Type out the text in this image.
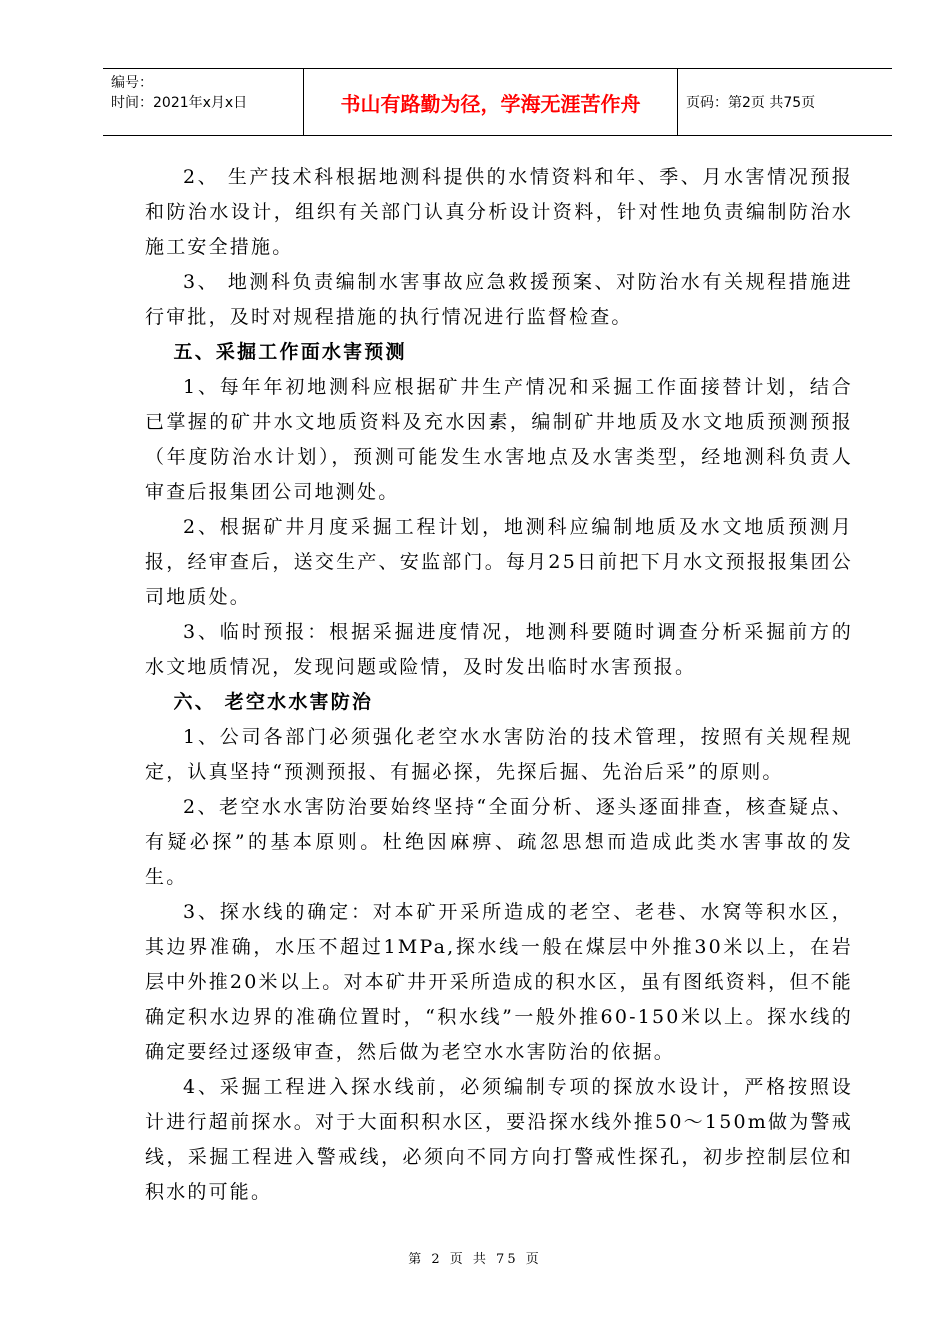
编号：
时间：2021年x月x日	书山有路勤为径，学海无涯苦作舟	页码：第2页 共75页

2、 生产技术科根据地测科提供的水情资料和年、季、月水害情况预报和防治水设计，组织有关部门认真分析设计资料，针对性地负责编制防治水施工安全措施。

3、 地测科负责编制水害事故应急救援预案、对防治水有关规程措施进行审批，及时对规程措施的执行情况进行监督检查。

五、采掘工作面水害预测

1、每年年初地测科应根据矿井生产情况和采掘工作面接替计划，结合已掌握的矿井水文地质资料及充水因素，编制矿井地质及水文地质预测预报（年度防治水计划），预测可能发生水害地点及水害类型，经地测科负责人审查后报集团公司地测处。

2、根据矿井月度采掘工程计划，地测科应编制地质及水文地质预测月报，经审查后，送交生产、安监部门。每月25日前把下月水文预报报集团公司地质处。

3、临时预报：根据采掘进度情况，地测科要随时调查分析采掘前方的水文地质情况，发现问题或险情，及时发出临时水害预报。

六、 老空水水害防治

1、公司各部门必须强化老空水水害防治的技术管理，按照有关规程规定，认真坚持“预测预报、有掘必探，先探后掘、先治后采”的原则。

2、老空水水害防治要始终坚持“全面分析、逐头逐面排查，核查疑点、有疑必探”的基本原则。杜绝因麻痹、疏忽思想而造成此类水害事故的发生。

3、探水线的确定：对本矿开采所造成的老空、老巷、水窝等积水区，其边界准确，水压不超过1MPa,探水线一般在煤层中外推30米以上，在岩层中外推20米以上。对本矿井开采所造成的积水区，虽有图纸资料，但不能确定积水边界的准确位置时，“积水线”一般外推60-150米以上。探水线的确定要经过逐级审查，然后做为老空水水害防治的依据。

4、采掘工程进入探水线前，必须编制专项的探放水设计，严格按照设计进行超前探水。对于大面积积水区，要沿探水线外推50～150m做为警戒线，采掘工程进入警戒线，必须向不同方向打警戒性探孔，初步控制层位和积水的可能。

第 2 页 共 75 页
